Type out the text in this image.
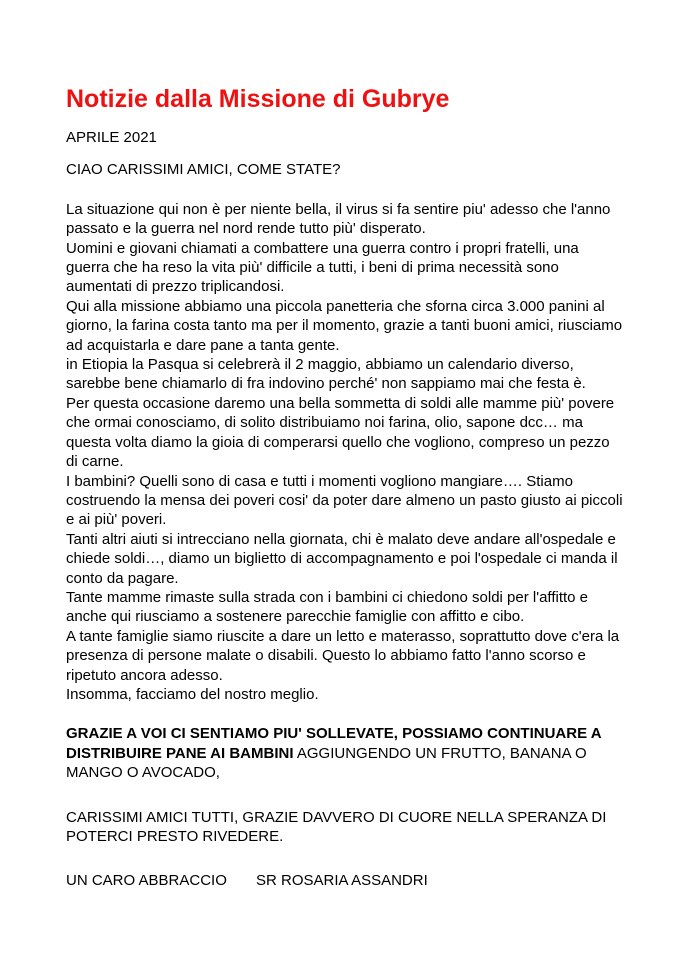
Notizie dalla Missione di Gubrye

APRILE 2021

CIAO CARISSIMI AMICI, COME STATE?

La situazione qui non è per niente bella, il virus si fa sentire piu' adesso che l'anno

passato e la guerra nel nord rende tutto più' disperato.

Uomini e giovani chiamati a combattere una guerra contro i propri fratelli, una

guerra che ha reso la vita più' difficile a tutti, i beni di prima necessità sono

aumentati di prezzo triplicandosi.

Qui alla missione abbiamo una piccola panetteria che sforna circa 3.000 panini al

giorno, la farina costa tanto ma per il momento, grazie a tanti buoni amici, riusciamo

ad acquistarla e dare pane a tanta gente.

in Etiopia la Pasqua si celebrerà il 2 maggio, abbiamo un calendario diverso,

sarebbe bene chiamarlo di fra indovino perché' non sappiamo mai che festa è.

Per questa occasione daremo una bella sommetta di soldi alle mamme più' povere

che ormai conosciamo, di solito distribuiamo noi farina, olio, sapone dcc… ma

questa volta diamo la gioia di comperarsi quello che vogliono, compreso un pezzo

di carne.

I bambini? Quelli sono di casa e tutti i momenti vogliono mangiare…. Stiamo

costruendo la mensa dei poveri cosi' da poter dare almeno un pasto giusto ai piccoli

e ai più' poveri.

Tanti altri aiuti si intrecciano nella giornata, chi è malato deve andare all'ospedale e

chiede soldi…, diamo un biglietto di accompagnamento e poi l'ospedale ci manda il

conto da pagare.

Tante mamme rimaste sulla strada con i bambini ci chiedono soldi per l'affitto e

anche qui riusciamo a sostenere parecchie famiglie con affitto e cibo.

A tante famiglie siamo riuscite a dare un letto e materasso, soprattutto dove c'era la

presenza di persone malate o disabili. Questo lo abbiamo fatto l'anno scorso e

ripetuto ancora adesso.

Insomma, facciamo del nostro meglio.

GRAZIE A VOI CI SENTIAMO PIU' SOLLEVATE, POSSIAMO CONTINUARE A

DISTRIBUIRE PANE AI BAMBINI AGGIUNGENDO UN FRUTTO, BANANA O

MANGO O AVOCADO,

CARISSIMI AMICI TUTTI, GRAZIE DAVVERO DI CUORE NELLA SPERANZA DI

POTERCI PRESTO RIVEDERE.

UN CARO ABBRACCIO       SR ROSARIA ASSANDRI
